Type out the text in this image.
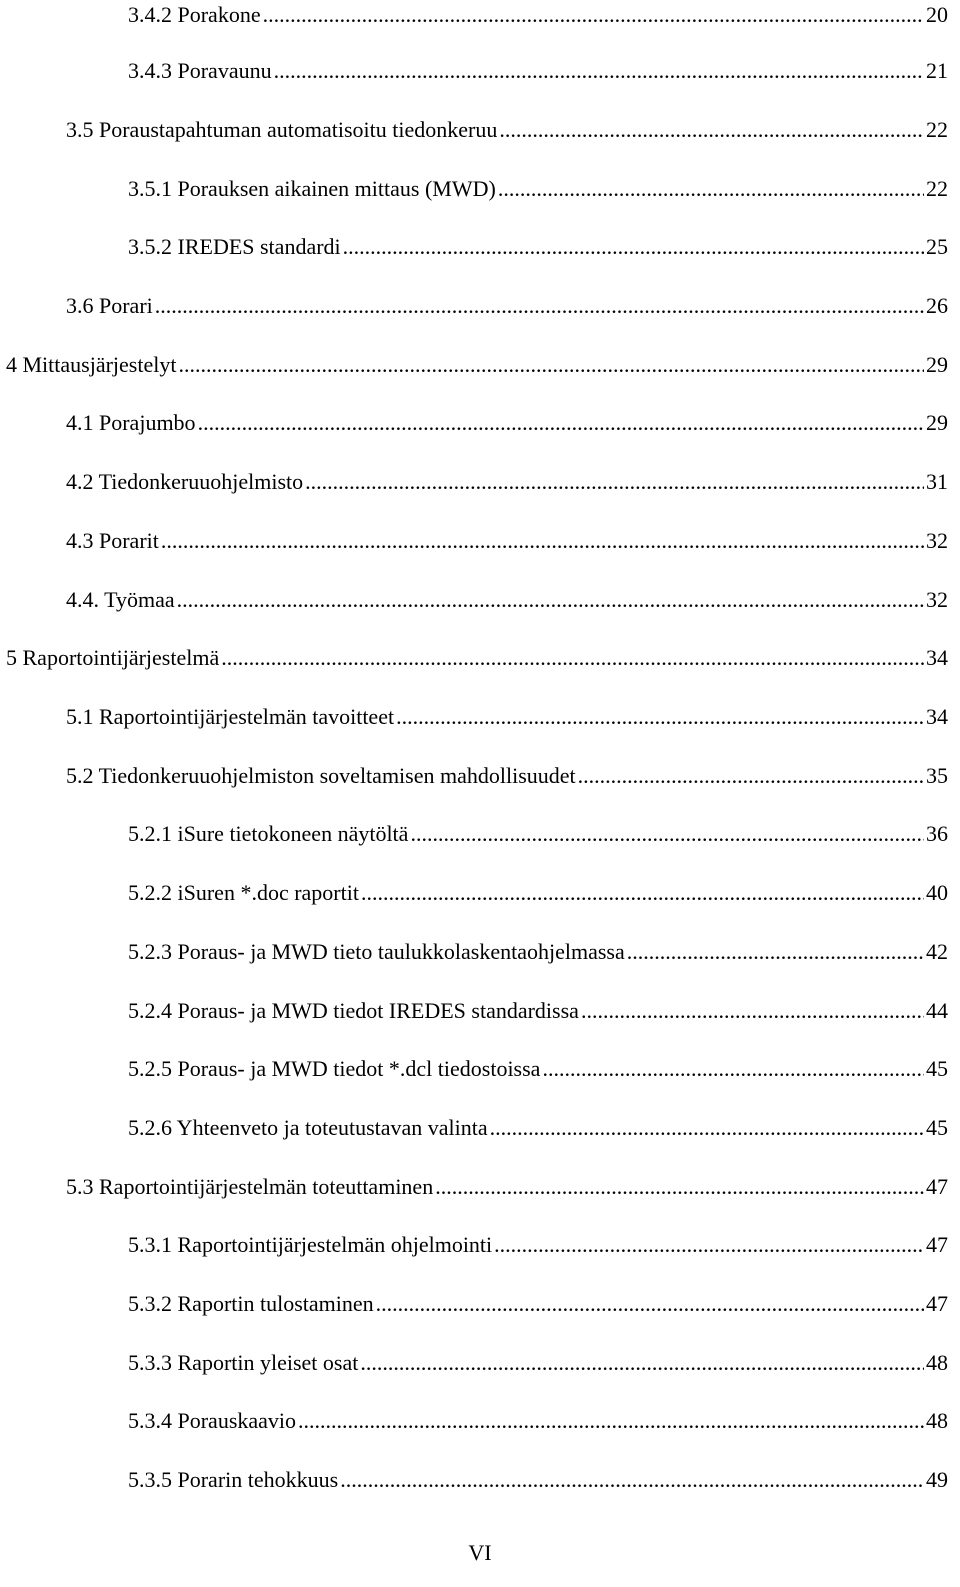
3.4.2 Porakone .....	20
3.4.3 Poravaunu .....	21
3.5 Poraustapahtuman automatisoitu tiedonkeruu .....	22
3.5.1 Porauksen aikainen mittaus (MWD) .....	22
3.5.2 IREDES standardi .....	25
3.6 Porari .....	26
4 Mittausjärjestelyt .....	29
4.1 Porajumbo .....	29
4.2 Tiedonkeruuohjelmisto .....	31
4.3 Porarit .....	32
4.4. Työmaa .....	32
5 Raportointijärjestelmä .....	34
5.1 Raportointijärjestelmän tavoitteet .....	34
5.2 Tiedonkeruuohjelmiston soveltamisen mahdollisuudet .....	35
5.2.1 iSure tietokoneen näytöltä .....	36
5.2.2 iSuren *.doc raportit .....	40
5.2.3 Poraus- ja MWD tieto taulukkolaskentaohjelmassa .....	42
5.2.4 Poraus- ja MWD tiedot IREDES standardissa .....	44
5.2.5 Poraus- ja MWD tiedot *.dcl tiedostoissa .....	45
5.2.6 Yhteenveto ja toteutustavan valinta .....	45
5.3 Raportointijärjestelmän toteuttaminen .....	47
5.3.1 Raportointijärjestelmän ohjelmointi .....	47
5.3.2 Raportin tulostaminen .....	47
5.3.3 Raportin yleiset osat .....	48
5.3.4 Porauskaavio .....	48
5.3.5 Porarin tehokkuus .....	49
VI
